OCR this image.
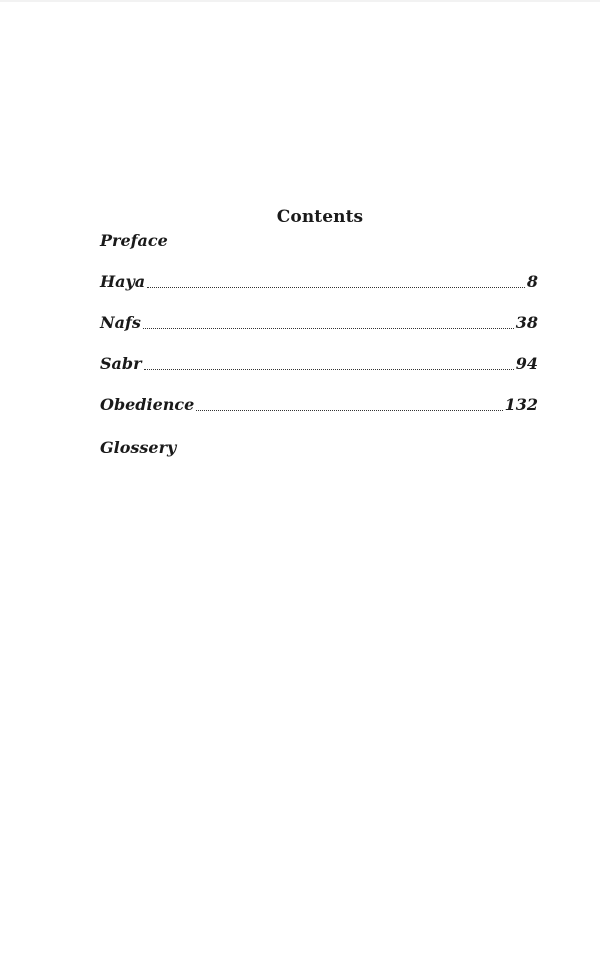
Contents
Preface
Haya	8
Nafs	38
Sabr	94
Obedience	132
Glossery
